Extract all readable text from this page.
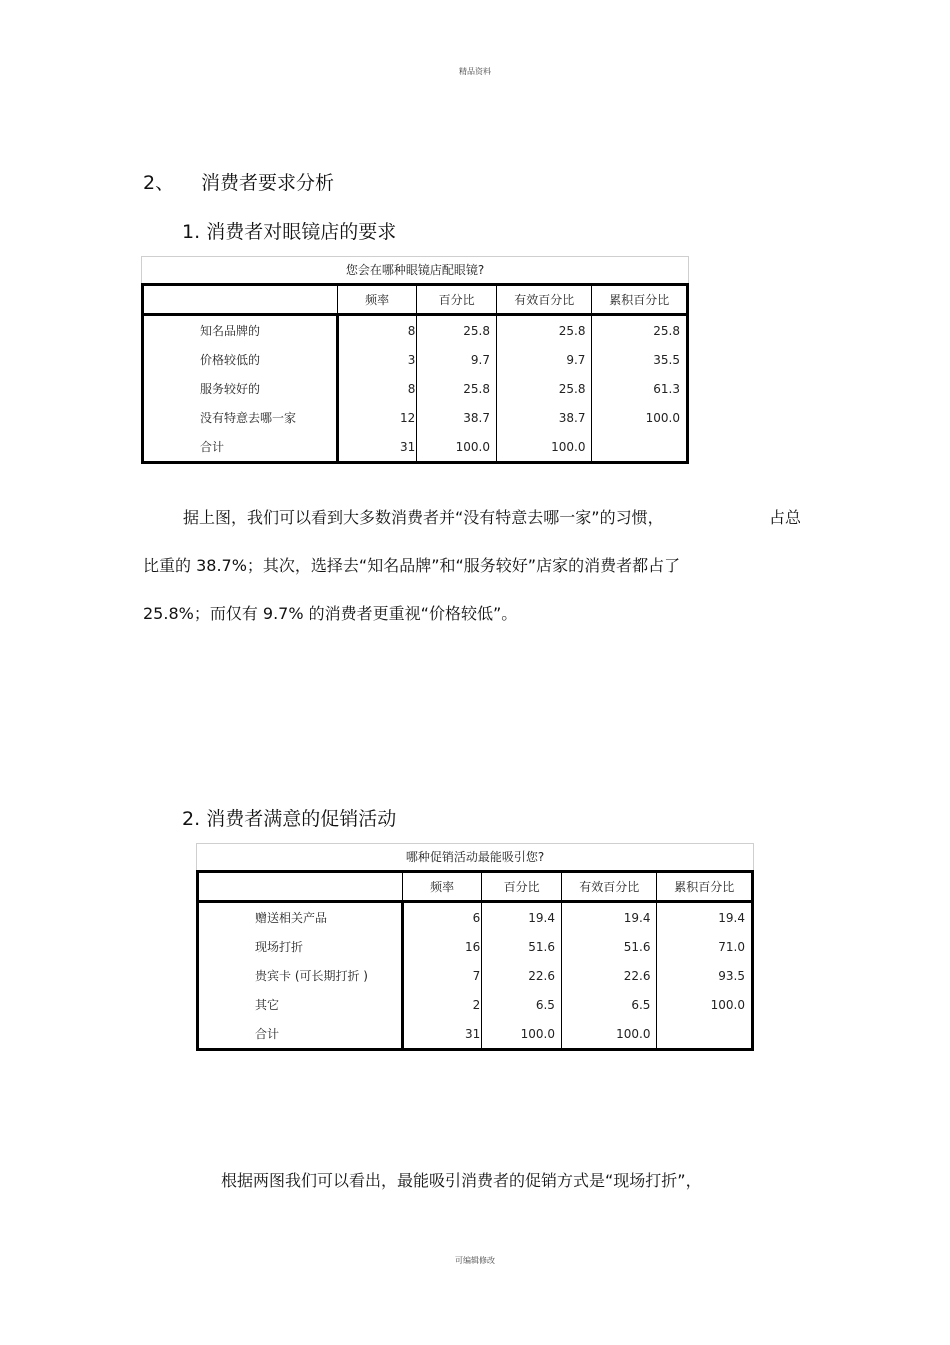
精品资料
2、 消费者要求分析
1. 消费者对眼镜店的要求
您会在哪种眼镜店配眼镜?
	频率	百分比	有效百分比	累积百分比
知名品牌的	8	25.8	25.8	25.8
价格较低的	3	9.7	9.7	35.5
服务较好的	8	25.8	25.8	61.3
没有特意去哪一家	12	38.7	38.7	100.0
合计	31	100.0	100.0	

据上图，我们可以看到大多数消费者并“没有特意去哪一家”的习惯，	占总

比重的 38.7%；其次，选择去“知名品牌”和“服务较好”店家的消费者都占了

25.8%；而仅有 9.7% 的消费者更重视“价格较低”。

2. 消费者满意的促销活动
哪种促销活动最能吸引您?
	频率	百分比	有效百分比	累积百分比
赠送相关产品	6	19.4	19.4	19.4
现场打折	16	51.6	51.6	71.0
贵宾卡 (可长期打折 )	7	22.6	22.6	93.5
其它	2	6.5	6.5	100.0
合计	31	100.0	100.0	

根据两图我们可以看出，最能吸引消费者的促销方式是“现场打折”，

可编辑修改
